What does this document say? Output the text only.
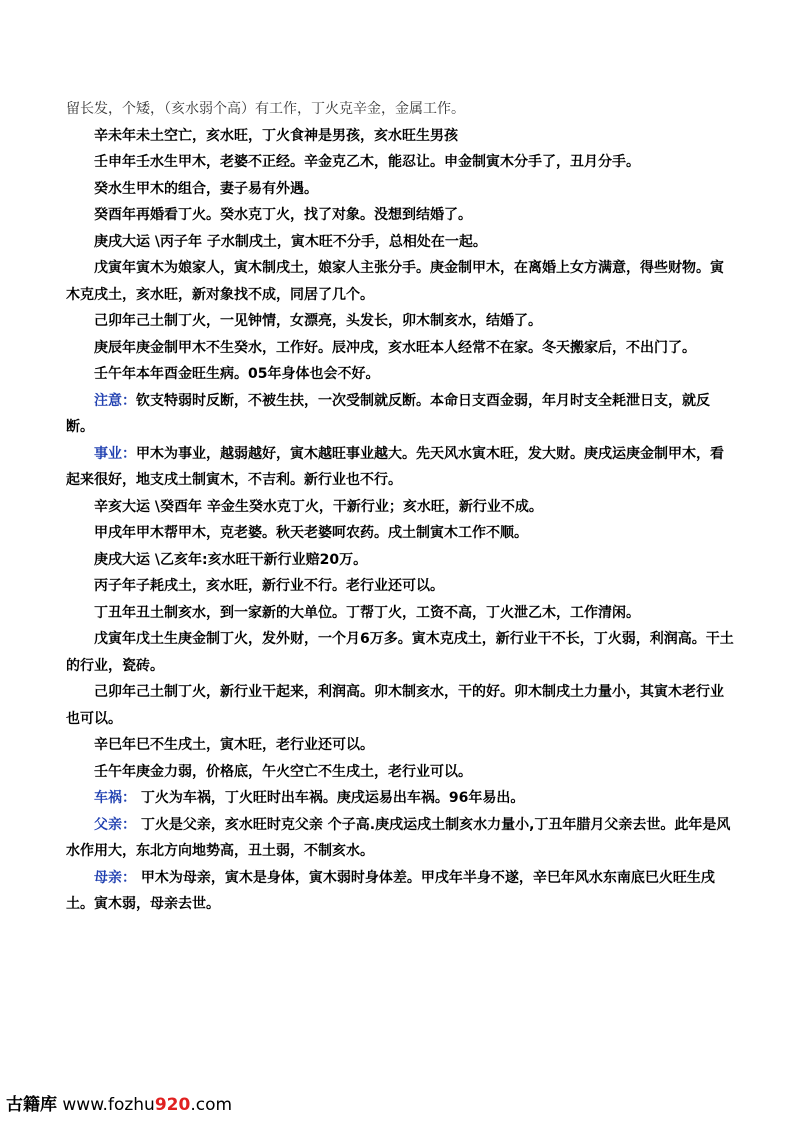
留长发，个矮，（亥水弱个高）有工作，丁火克辛金，金属工作。

辛未年未土空亡，亥水旺，丁火食神是男孩，亥水旺生男孩

壬申年壬水生甲木，老婆不正经。辛金克乙木，能忍让。申金制寅木分手了，丑月分手。

癸水生甲木的组合，妻子易有外遇。

癸酉年再婚看丁火。癸水克丁火，找了对象。没想到结婚了。

庚戌大运 \丙子年 子水制戌土，寅木旺不分手，总相处在一起。

戊寅年寅木为娘家人，寅木制戌土，娘家人主张分手。庚金制甲木，在离婚上女方满意，得些财物。寅木克戌土，亥水旺，新对象找不成，同居了几个。

己卯年己土制丁火，一见钟情，女漂亮，头发长，卯木制亥水，结婚了。

庚辰年庚金制甲木不生癸水，工作好。辰冲戌，亥水旺本人经常不在家。冬天搬家后，不出门了。

壬午年本年酉金旺生病。05年身体也会不好。

注意：钦支特弱时反断，不被生扶，一次受制就反断。本命日支酉金弱，年月时支全耗泄日支，就反断。

事业：甲木为事业，越弱越好，寅木越旺事业越大。先天风水寅木旺，发大财。庚戌运庚金制甲木，看起来很好，地支戌土制寅木，不吉利。新行业也不行。

辛亥大运 \癸酉年 辛金生癸水克丁火，干新行业；亥水旺，新行业不成。

甲戌年甲木帮甲木，克老婆。秋天老婆呵农药。戌土制寅木工作不顺。

庚戌大运 \乙亥年:亥水旺干新行业赔20万。

丙子年子耗戌土，亥水旺，新行业不行。老行业还可以。

丁丑年丑土制亥水，到一家新的大单位。丁帮丁火，工资不高，丁火泄乙木，工作清闲。

戊寅年戊土生庚金制丁火，发外财，一个月6万多。寅木克戌土，新行业干不长，丁火弱，利润高。干土的行业，瓷砖。

己卯年己土制丁火，新行业干起来，利润高。卯木制亥水，干的好。卯木制戌土力量小，其寅木老行业也可以。

辛巳年巳不生戌土，寅木旺，老行业还可以。

壬午年庚金力弱，价格底，午火空亡不生戌土，老行业可以。

车祸： 丁火为车祸，丁火旺时出车祸。庚戌运易出车祸。96年易出。

父亲： 丁火是父亲，亥水旺时克父亲 个子高.庚戌运戌土制亥水力量小,丁丑年腊月父亲去世。此年是风水作用大，东北方向地势高，丑土弱，不制亥水。

母亲： 甲木为母亲，寅木是身体，寅木弱时身体差。甲戌年半身不遂，辛巳年风水东南底巳火旺生戌土。寅木弱，母亲去世。

古籍库 www.fozhu920.com
